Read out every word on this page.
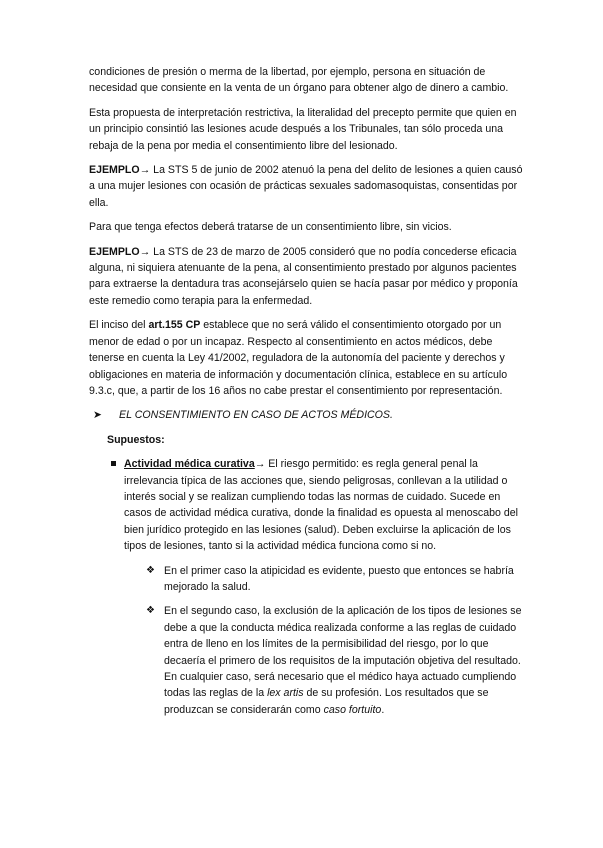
condiciones de presión o merma de la libertad, por ejemplo, persona en situación de necesidad que consiente en la venta de un órgano para obtener algo de dinero a cambio.

Esta propuesta de interpretación restrictiva, la literalidad del precepto permite que quien en un principio consintió las lesiones acude después a los Tribunales, tan sólo proceda una rebaja de la pena por media el consentimiento libre del lesionado.

EJEMPLO→ La STS 5 de junio de 2002 atenuó la pena del delito de lesiones a quien causó a una mujer lesiones con ocasión de prácticas sexuales sadomasoquistas, consentidas por ella.

Para que tenga efectos deberá tratarse de un consentimiento libre, sin vicios.

EJEMPLO→ La STS de 23 de marzo de 2005 consideró que no podía concederse eficacia alguna, ni siquiera atenuante de la pena, al consentimiento prestado por algunos pacientes para extraerse la dentadura tras aconsejárselo quien se hacía pasar por médico y proponía este remedio como terapia para la enfermedad.

El inciso del art.155 CP establece que no será válido el consentimiento otorgado por un menor de edad o por un incapaz. Respecto al consentimiento en actos médicos, debe tenerse en cuenta la Ley 41/2002, reguladora de la autonomía del paciente y derechos y obligaciones en materia de información y documentación clínica, establece en su artículo 9.3.c, que, a partir de los 16 años no cabe prestar el consentimiento por representación.

➤ EL CONSENTIMIENTO EN CASO DE ACTOS MÉDICOS.
Supuestos:
Actividad médica curativa→ El riesgo permitido: es regla general penal la irrelevancia típica de las acciones que, siendo peligrosas, conllevan a la utilidad o interés social y se realizan cumpliendo todas las normas de cuidado. Sucede en casos de actividad médica curativa, donde la finalidad es opuesta al menoscabo del bien jurídico protegido en las lesiones (salud). Deben excluirse la aplicación de los tipos de lesiones, tanto si la actividad médica funciona como si no.
❖ En el primer caso la atipicidad es evidente, puesto que entonces se habría mejorado la salud.
❖ En el segundo caso, la exclusión de la aplicación de los tipos de lesiones se debe a que la conducta médica realizada conforme a las reglas de cuidado entra de lleno en los límites de la permisibilidad del riesgo, por lo que decaería el primero de los requisitos de la imputación objetiva del resultado. En cualquier caso, será necesario que el médico haya actuado cumpliendo todas las reglas de la lex artis de su profesión. Los resultados que se produzcan se considerarán como caso fortuito.
